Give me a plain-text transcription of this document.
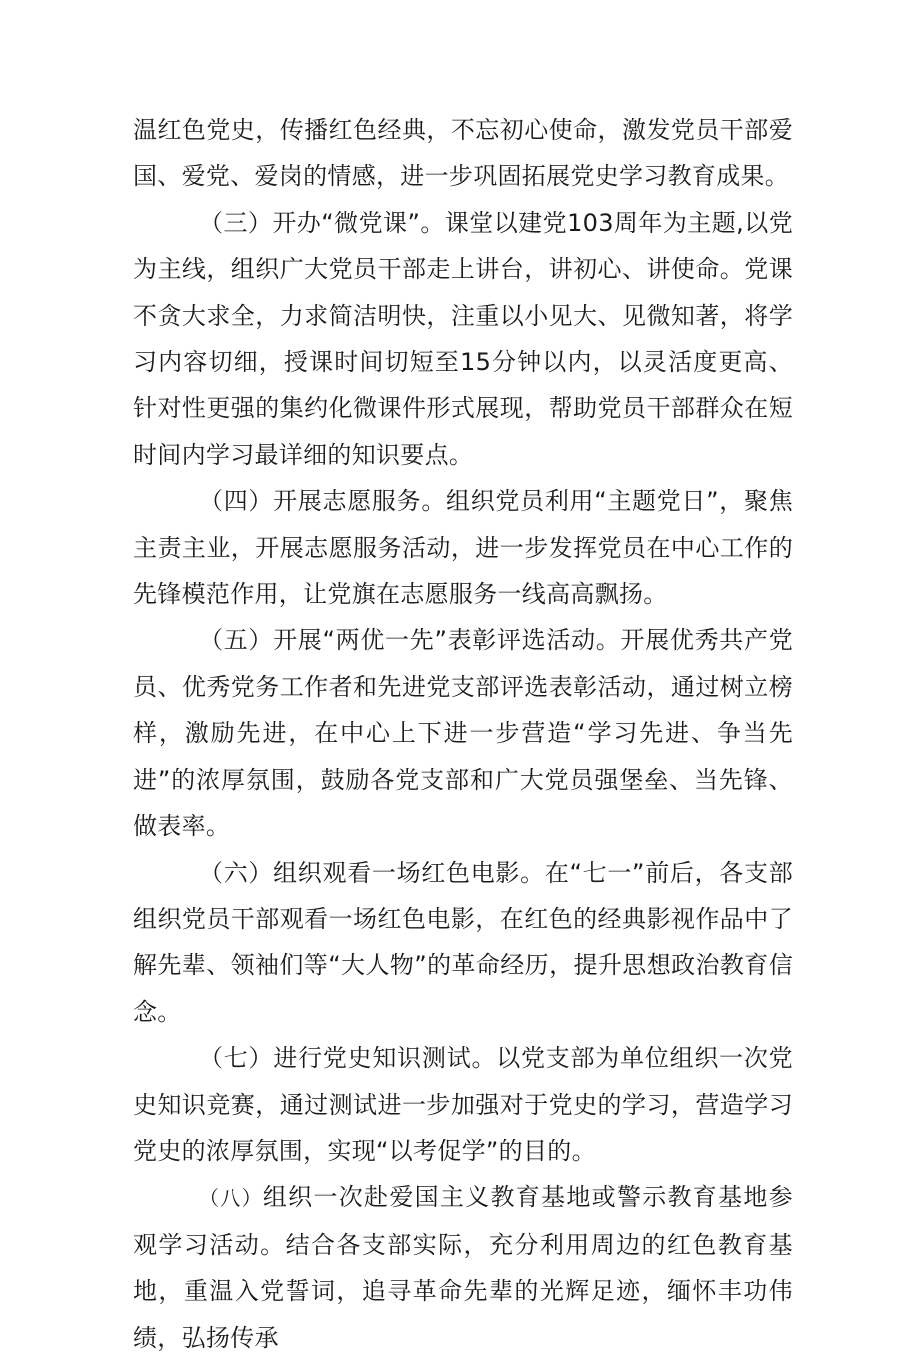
温红色党史，传播红色经典，不忘初心使命，激发党员干部爱国、爱党、爱岗的情感，进一步巩固拓展党史学习教育成果。

（三）开办“微党课”。课堂以建党103周年为主题,以党为主线，组织广大党员干部走上讲台，讲初心、讲使命。党课不贪大求全，力求简洁明快，注重以小见大、见微知著，将学习内容切细，授课时间切短至15分钟以内，以灵活度更高、针对性更强的集约化微课件形式展现，帮助党员干部群众在短时间内学习最详细的知识要点。

（四）开展志愿服务。组织党员利用“主题党日”，聚焦主责主业，开展志愿服务活动，进一步发挥党员在中心工作的先锋模范作用，让党旗在志愿服务一线高高飘扬。

（五）开展“两优一先”表彰评选活动。开展优秀共产党员、优秀党务工作者和先进党支部评选表彰活动，通过树立榜样，激励先进，在中心上下进一步营造“学习先进、争当先进”的浓厚氛围，鼓励各党支部和广大党员强堡垒、当先锋、做表率。

（六）组织观看一场红色电影。在“七一”前后，各支部组织党员干部观看一场红色电影，在红色的经典影视作品中了解先辈、领袖们等“大人物”的革命经历，提升思想政治教育信念。

（七）进行党史知识测试。以党支部为单位组织一次党史知识竞赛，通过测试进一步加强对于党史的学习，营造学习党史的浓厚氛围，实现“以考促学”的目的。

（八）组织一次赴爱国主义教育基地或警示教育基地参观学习活动。结合各支部实际，充分利用周边的红色教育基地，重温入党誓词，追寻革命先辈的光辉足迹，缅怀丰功伟绩，弘扬传承
